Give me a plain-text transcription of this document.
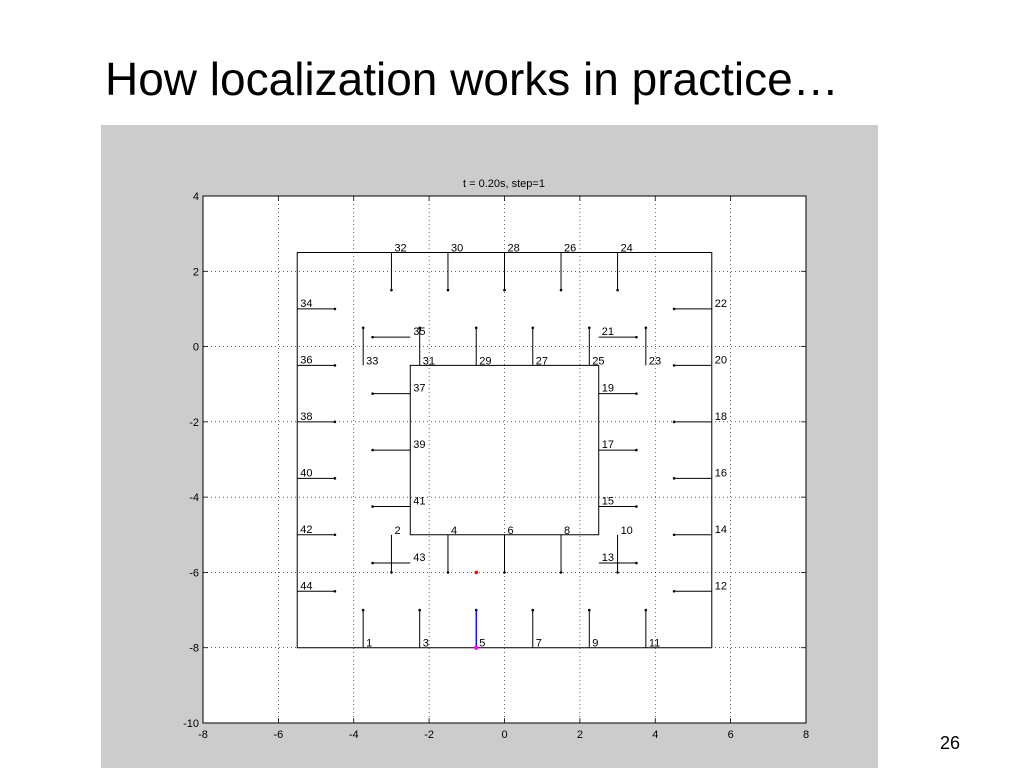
How localization works in practice…
-8	-6	-4	-2	0	2	4	6	8
-10
-8
-6
-4
-2
0
2
4
1
2
3
4
5
6
7
8
9
10
11
12
13
14
15
16
17
18
19
20
21
22
23
24
25
26
27
28
29
30
31
32
33
34
35
36
37
38
39
40
41
42
43
44
t = 0.20s, step=1
26
